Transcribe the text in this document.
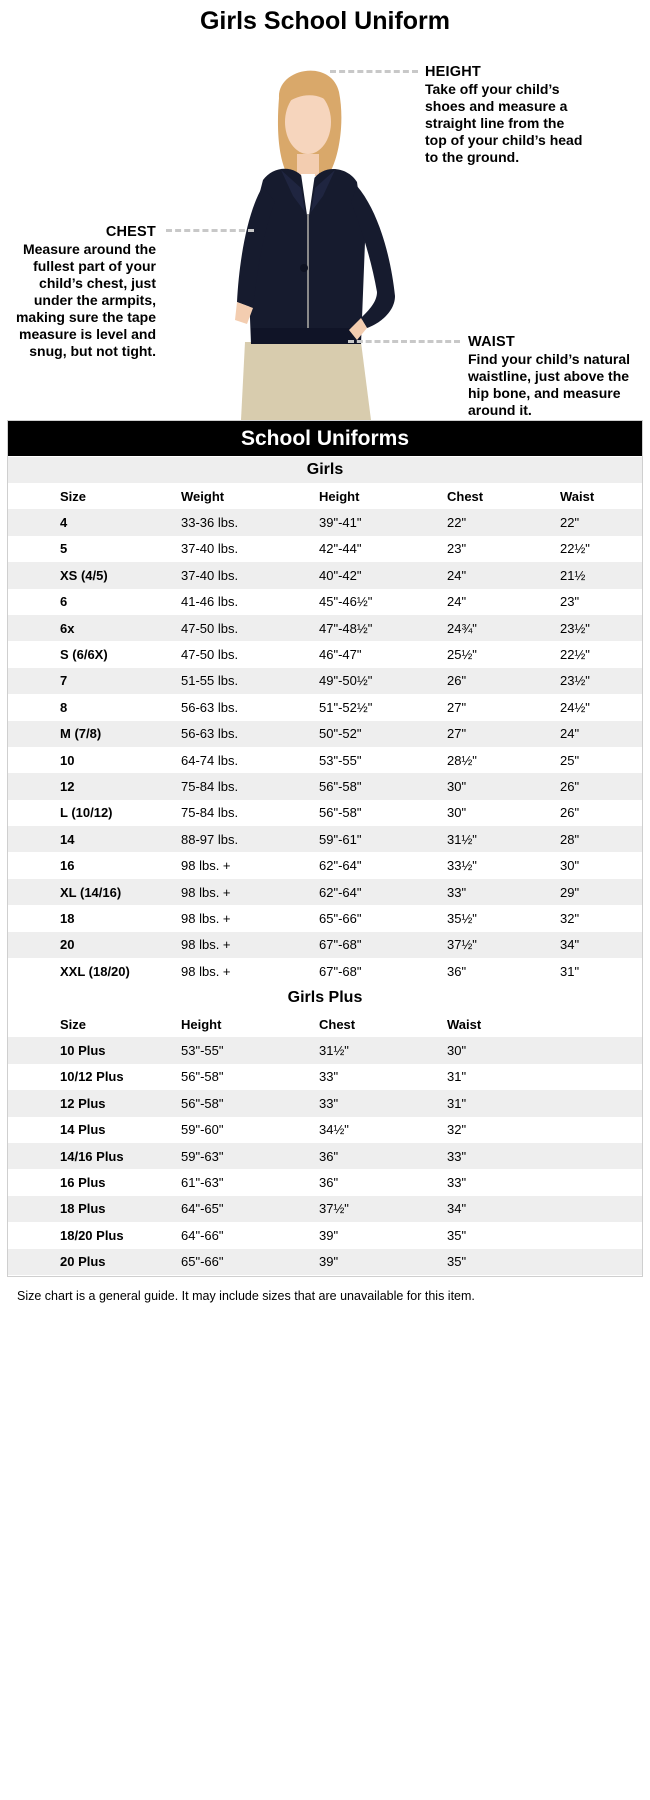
Girls School Uniform
HEIGHT
Take off your child’s
shoes and measure a
straight line from the
top of your child’s head
to the ground.
CHEST
Measure around the
fullest part of your
child’s chest, just
under the armpits,
making sure the tape
measure is level and
snug, but not tight.
WAIST
Find your child’s natural
waistline, just above the
hip bone, and measure
around it.
School Uniforms
Girls
	Size	Weight	Height	Chest	Waist
	4	33-36 lbs.	39"-41"	22"	22"
	5	37-40 lbs.	42"-44"	23"	22½"
	XS (4/5)	37-40 lbs.	40"-42"	24"	21½
	6	41-46 lbs.	45"-46½"	24"	23"
	6x	47-50 lbs.	47"-48½"	24¾"	23½"
	S (6/6X)	47-50 lbs.	46"-47"	25½"	22½"
	7	51-55 lbs.	49"-50½"	26"	23½"
	8	56-63 lbs.	51"-52½"	27"	24½"
	M (7/8)	56-63 lbs.	50"-52"	27"	24"
	10	64-74 lbs.	53"-55"	28½"	25"
	12	75-84 lbs.	56"-58"	30"	26"
	L (10/12)	75-84 lbs.	56"-58"	30"	26"
	14	88-97 lbs.	59"-61"	31½"	28"
	16	98 lbs. +	62"-64"	33½"	30"
	XL (14/16)	98 lbs. +	62"-64"	33"	29"
	18	98 lbs. +	65"-66"	35½"	32"
	20	98 lbs. +	67"-68"	37½"	34"
	XXL (18/20)	98 lbs. +	67"-68"	36"	31"
Girls Plus
	Size	Height	Chest	Waist	
	10 Plus	53"-55"	31½"	30"	
	10/12 Plus	56"-58"	33"	31"	
	12 Plus	56"-58"	33"	31"	
	14 Plus	59"-60"	34½"	32"	
	14/16 Plus	59"-63"	36"	33"	
	16 Plus	61"-63"	36"	33"	
	18 Plus	64"-65"	37½"	34"	
	18/20 Plus	64"-66"	39"	35"	
	20 Plus	65"-66"	39"	35"	
Size chart is a general guide. It may include sizes that are unavailable for this item.
